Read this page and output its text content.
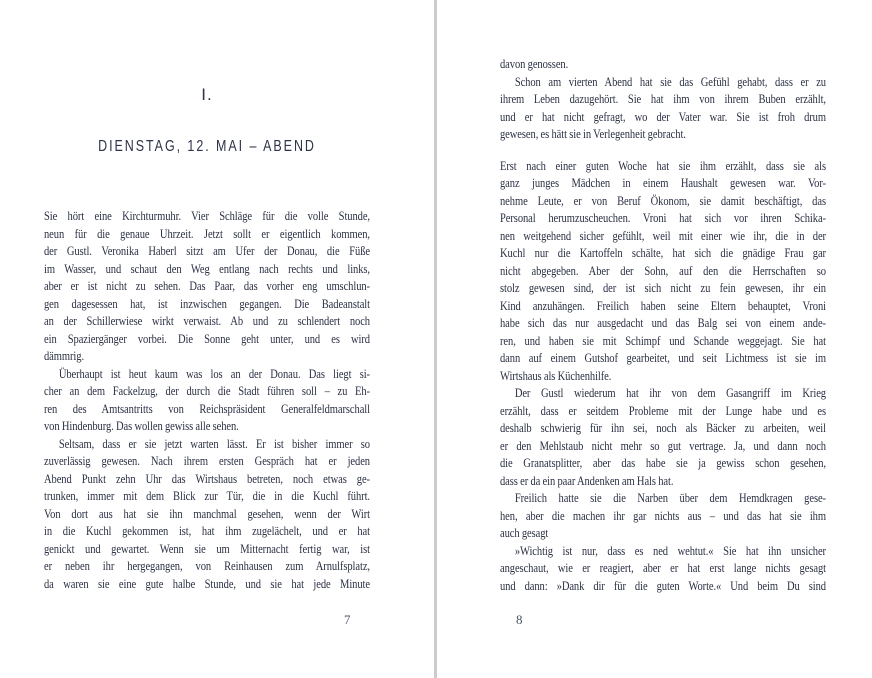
I.
DIENSTAG, 12. MAI – ABEND
Sie hört eine Kirchturmuhr. Vier Schläge für die volle Stunde,
neun für die genaue Uhrzeit. Jetzt sollt er eigentlich kommen,
der Gustl. Veronika Haberl sitzt am Ufer der Donau, die Füße
im Wasser, und schaut den Weg entlang nach rechts und links,
aber er ist nicht zu sehen. Das Paar, das vorher eng umschlun-
gen dagesessen hat, ist inzwischen gegangen. Die Badeanstalt
an der Schillerwiese wirkt verwaist. Ab und zu schlendert noch
ein Spaziergänger vorbei. Die Sonne geht unter, und es wird
dämmrig.
Überhaupt ist heut kaum was los an der Donau. Das liegt si-
cher an dem Fackelzug, der durch die Stadt führen soll – zu Eh-
ren des Amtsantritts von Reichspräsident Generalfeldmarschall
von Hindenburg. Das wollen gewiss alle sehen.
Seltsam, dass er sie jetzt warten lässt. Er ist bisher immer so
zuverlässig gewesen. Nach ihrem ersten Gespräch hat er jeden
Abend Punkt zehn Uhr das Wirtshaus betreten, noch etwas ge-
trunken, immer mit dem Blick zur Tür, die in die Kuchl führt.
Von dort aus hat sie ihn manchmal gesehen, wenn der Wirt
in die Kuchl gekommen ist, hat ihm zugelächelt, und er hat
genickt und gewartet. Wenn sie um Mitternacht fertig war, ist
er neben ihr hergegangen, von Reinhausen zum Arnulfsplatz,
da waren sie eine gute halbe Stunde, und sie hat jede Minute
7
davon genossen.
Schon am vierten Abend hat sie das Gefühl gehabt, dass er zu
ihrem Leben dazugehört. Sie hat ihm von ihrem Buben erzählt,
und er hat nicht gefragt, wo der Vater war. Sie ist froh drum
gewesen, es hätt sie in Verlegenheit gebracht.
Erst nach einer guten Woche hat sie ihm erzählt, dass sie als
ganz junges Mädchen in einem Haushalt gewesen war. Vor-
nehme Leute, er von Beruf Ökonom, sie damit beschäftigt, das
Personal herumzuscheuchen. Vroni hat sich vor ihren Schika-
nen weitgehend sicher gefühlt, weil mit einer wie ihr, die in der
Kuchl nur die Kartoffeln schälte, hat sich die gnädige Frau gar
nicht abgegeben. Aber der Sohn, auf den die Herrschaften so
stolz gewesen sind, der ist sich nicht zu fein gewesen, ihr ein
Kind anzuhängen. Freilich haben seine Eltern behauptet, Vroni
habe sich das nur ausgedacht und das Balg sei von einem ande-
ren, und haben sie mit Schimpf und Schande weggejagt. Sie hat
dann auf einem Gutshof gearbeitet, und seit Lichtmess ist sie im
Wirtshaus als Küchenhilfe.
Der Gustl wiederum hat ihr von dem Gasangriff im Krieg
erzählt, dass er seitdem Probleme mit der Lunge habe und es
deshalb schwierig für ihn sei, noch als Bäcker zu arbeiten, weil
er den Mehlstaub nicht mehr so gut vertrage. Ja, und dann noch
die Granatsplitter, aber das habe sie ja gewiss schon gesehen,
dass er da ein paar Andenken am Hals hat.
Freilich hatte sie die Narben über dem Hemdkragen gese-
hen, aber die machen ihr gar nichts aus – und das hat sie ihm
auch gesagt
»Wichtig ist nur, dass es ned wehtut.« Sie hat ihn unsicher
angeschaut, wie er reagiert, aber er hat erst lange nichts gesagt
und dann: »Dank dir für die guten Worte.« Und beim Du sind
8
